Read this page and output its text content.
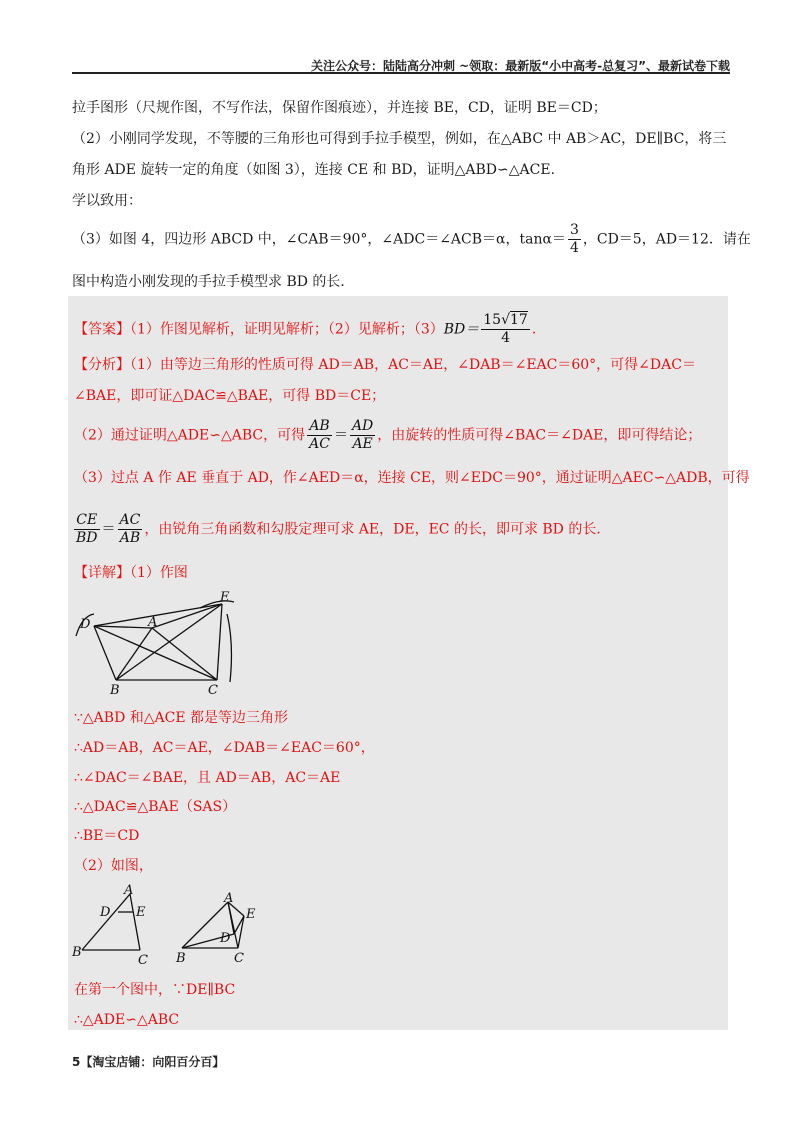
关注公众号：陆陆高分冲刺 ~领取：最新版“小中高考-总复习”、最新试卷下载
拉手图形（尺规作图，不写作法，保留作图痕迹），并连接 BE，CD，证明 BE＝CD；
（2）小刚同学发现，不等腰的三角形也可得到手拉手模型，例如，在△ABC 中 AB＞AC，DE∥BC，将三
角形 ADE 旋转一定的角度（如图 3），连接 CE 和 BD，证明△ABD∽△ACE.
学以致用：
（3）如图 4，四边形 ABCD 中，∠CAB＝90°，∠ADC＝∠ACB＝α，$\tan\alpha= \frac{3}{4}$ ，CD＝5，AD＝12．请在
图中构造小刚发现的手拉手模型求 BD 的长．
【答案】（1）作图见解析，证明见解析；（2）见解析；$(3)BD= \frac{15√17}{4}$ ．
【分析】（1）由等边三角形的性质可得 AD＝AB，AC＝AE，∠DAB＝∠EAC＝60°，可得∠DAC＝
∠BAE，即可证△DAC≌△BAE，可得 BD＝CE；
（2）通过证明△ADE∽△ABC，可得 $\frac{AB}{AC} = \frac{AD}{AE}$ ，由旋转的性质可得∠BAC＝∠DAE，即可得结论；
（3）过点 A 作 AE 垂直于 AD，作∠AED＝α，连接 CE，则∠EDC＝90°，通过证明△AEC∽△ADB，可得
$\frac{CE}{BD} = \frac{AC}{AB}$ ，由锐角三角函数和勾股定理可求 AE，DE，EC 的长，即可求 BD 的长．
【详解】（1）作图
D	A
E
B	C
∵△ABD 和△ACE 都是等边三角形
∴AD＝AB，AC＝AE，∠DAB＝∠EAC＝60°，
∴∠DAC＝∠BAE，且 AD＝AB，AC＝AE
∴△DAC≌△BAE（SAS）
∴BE＝CD
（2）如图，
A
D E
B
C
A
E
D
B	C
在第一个图中，∵DE∥BC
∴△ADE∽△ABC
5【淘宝店铺：向阳百分百】
